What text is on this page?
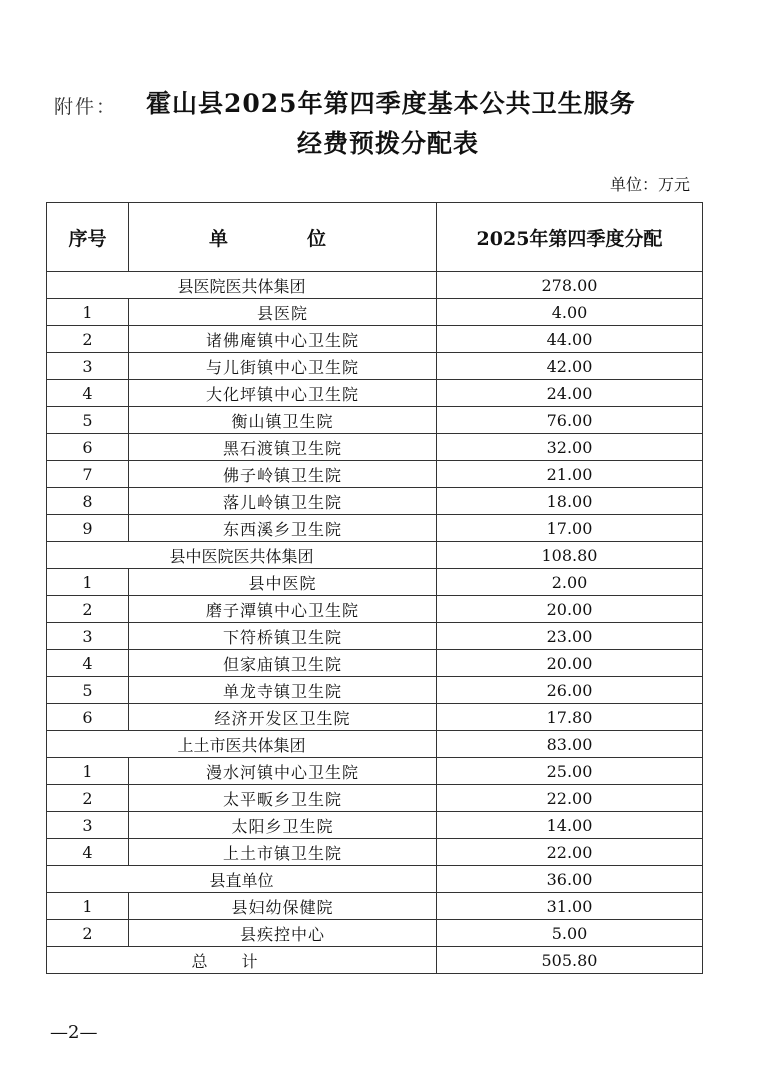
附件： 霍山县2025年第四季度基本公共卫生服务
经费预拨分配表
单位：万元
序号	单　位	2025年第四季度分配
县医院医共体集团		278.00
1	县医院	4.00
2	诸佛庵镇中心卫生院	44.00
3	与儿街镇中心卫生院	42.00
4	大化坪镇中心卫生院	24.00
5	衡山镇卫生院	76.00
6	黑石渡镇卫生院	32.00
7	佛子岭镇卫生院	21.00
8	落儿岭镇卫生院	18.00
9	东西溪乡卫生院	17.00
县中医院医共体集团		108.80
1	县中医院	2.00
2	磨子潭镇中心卫生院	20.00
3	下符桥镇卫生院	23.00
4	但家庙镇卫生院	20.00
5	单龙寺镇卫生院	26.00
6	经济开发区卫生院	17.80
上土市医共体集团		83.00
1	漫水河镇中心卫生院	25.00
2	太平畈乡卫生院	22.00
3	太阳乡卫生院	14.00
4	上土市镇卫生院	22.00
县直单位		36.00
1	县妇幼保健院	31.00
2	县疾控中心	5.00
总计		505.80
—2—
